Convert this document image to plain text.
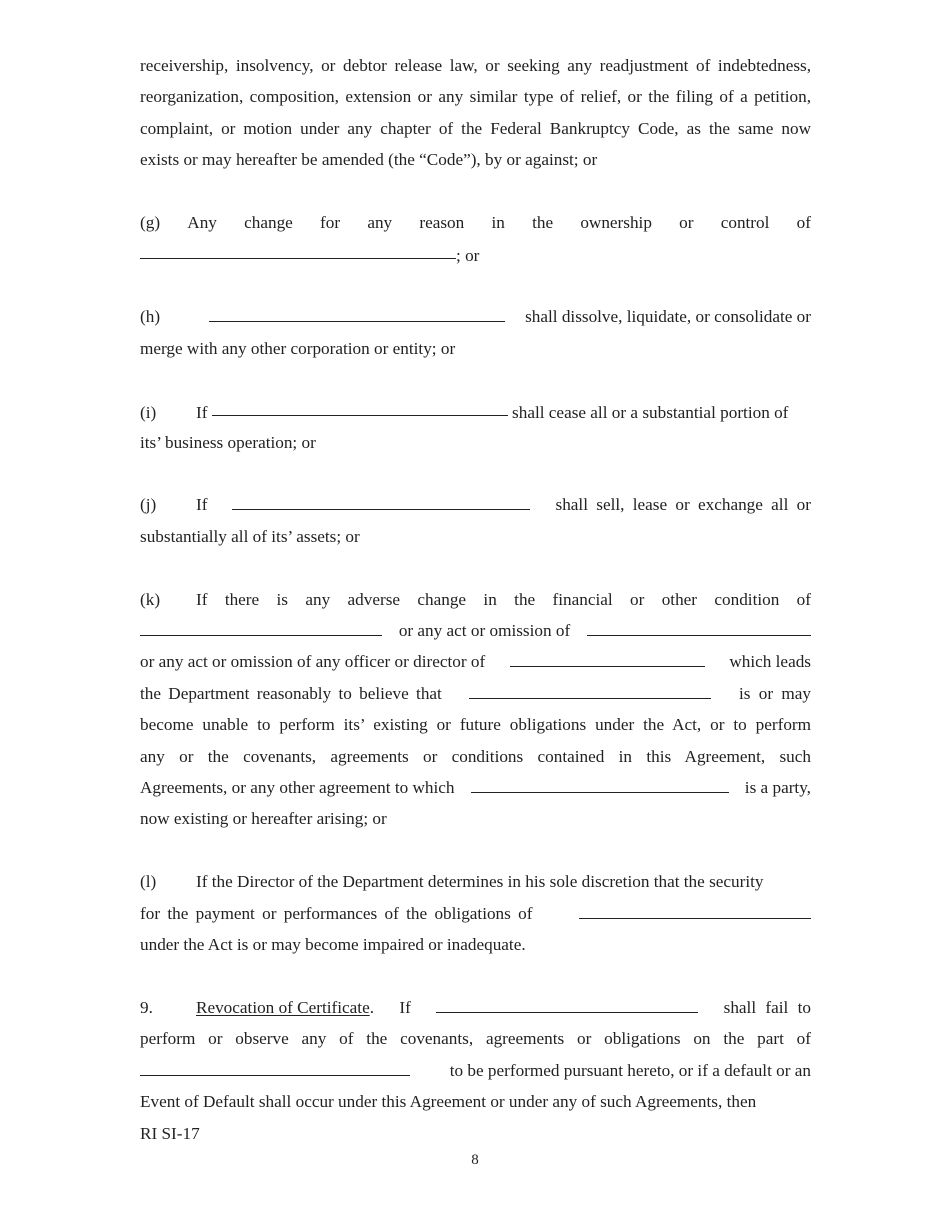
receivership, insolvency, or debtor release law, or seeking any readjustment of indebtedness,
reorganization, composition, extension or any similar type of relief, or the filing of a petition,
complaint, or motion under any chapter of the Federal Bankruptcy Code, as the same now
exists or may hereafter be amended (the “Code”), by or against; or
(g) Any change for any reason in the ownership or control of
; or
(h)	shall dissolve, liquidate, or consolidate or
merge with any other corporation or entity; or
(i) If	shall cease all or a substantial portion of
its’ business operation; or
(j) If	shall sell, lease or exchange all or
substantially all of its’ assets; or
(k)	If there is any adverse change in the financial or other condition of
or any act or omission of
or any act or omission of any officer or director of	which leads
the Department reasonably to believe that	is or may
become unable to perform its’ existing or future obligations under the Act, or to perform
any or the covenants, agreements or conditions contained in this Agreement, such
Agreements, or any other agreement to which	is a party,
now existing or hereafter arising; or
(l)	If the Director of the Department determines in his sole discretion that the security
for the payment or performances of the obligations of
under the Act is or may become impaired or inadequate.
9.	Revocation of Certificate. If	shall fail to
perform or observe any of the covenants, agreements or obligations on the part of
to be performed pursuant hereto, or if a default or an
Event of Default shall occur under this Agreement or under any of such Agreements, then
RI SI-17
8
